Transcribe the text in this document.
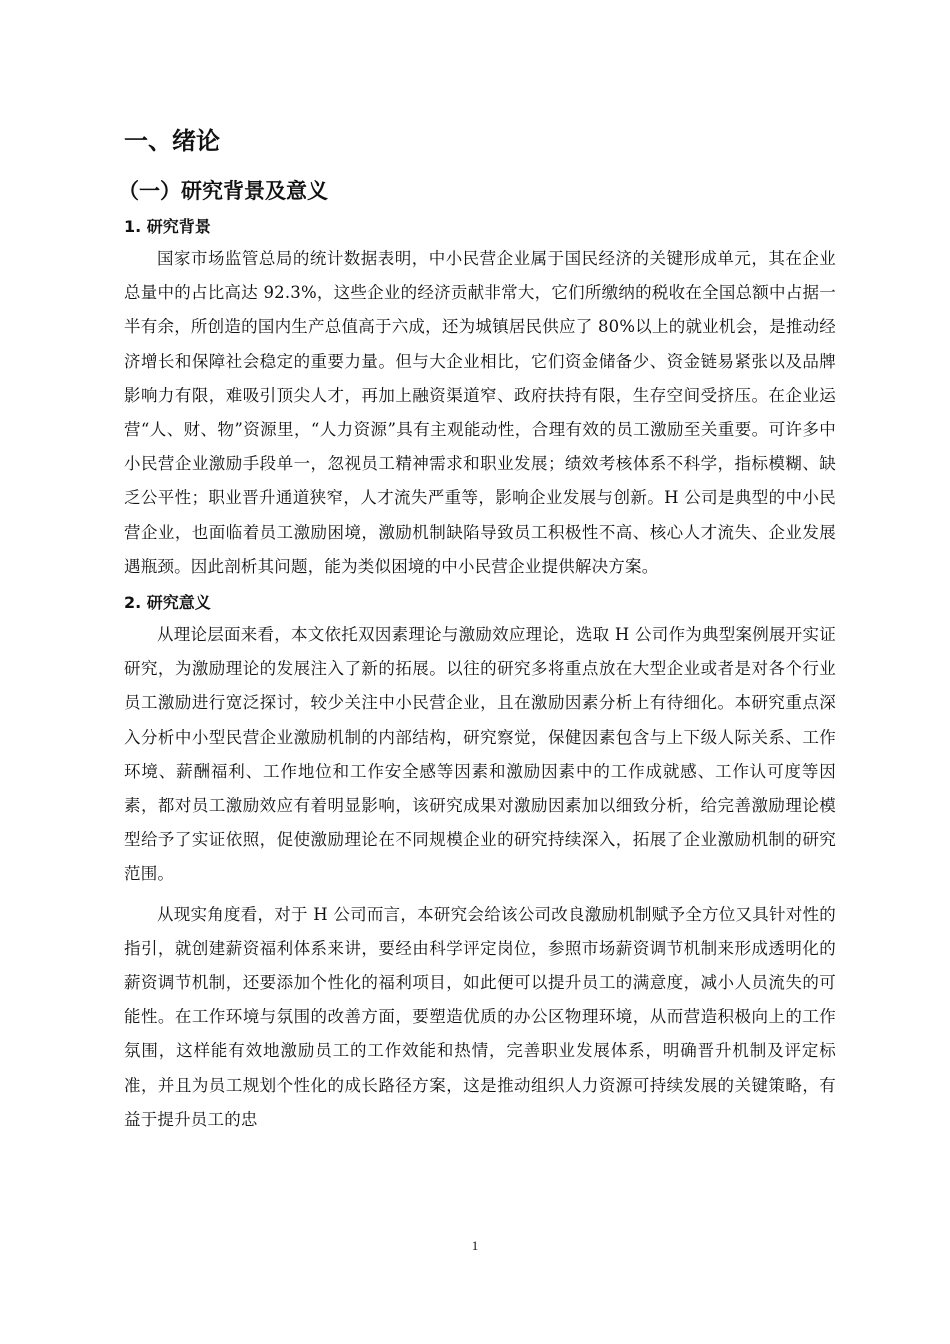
一、绪论
（一）研究背景及意义
1. 研究背景

国家市场监管总局的统计数据表明，中小民营企业属于国民经济的关键形成单元，其在企业总量中的占比高达 92.3%，这些企业的经济贡献非常大，它们所缴纳的税收在全国总额中占据一半有余，所创造的国内生产总值高于六成，还为城镇居民供应了 80%以上的就业机会，是推动经济增长和保障社会稳定的重要力量。但与大企业相比，它们资金储备少、资金链易紧张以及品牌影响力有限，难吸引顶尖人才，再加上融资渠道窄、政府扶持有限，生存空间受挤压。在企业运营“人、财、物”资源里，“人力资源”具有主观能动性，合理有效的员工激励至关重要。可许多中小民营企业激励手段单一，忽视员工精神需求和职业发展；绩效考核体系不科学，指标模糊、缺乏公平性；职业晋升通道狭窄，人才流失严重等，影响企业发展与创新。H 公司是典型的中小民营企业，也面临着员工激励困境，激励机制缺陷导致员工积极性不高、核心人才流失、企业发展遇瓶颈。因此剖析其问题，能为类似困境的中小民营企业提供解决方案。

2. 研究意义

从理论层面来看，本文依托双因素理论与激励效应理论，选取 H 公司作为典型案例展开实证研究，为激励理论的发展注入了新的拓展。以往的研究多将重点放在大型企业或者是对各个行业员工激励进行宽泛探讨，较少关注中小民营企业，且在激励因素分析上有待细化。本研究重点深入分析中小型民营企业激励机制的内部结构，研究察觉，保健因素包含与上下级人际关系、工作环境、薪酬福利、工作地位和工作安全感等因素和激励因素中的工作成就感、工作认可度等因素，都对员工激励效应有着明显影响，该研究成果对激励因素加以细致分析，给完善激励理论模型给予了实证依照，促使激励理论在不同规模企业的研究持续深入，拓展了企业激励机制的研究范围。

从现实角度看，对于 H 公司而言，本研究会给该公司改良激励机制赋予全方位又具针对性的指引，就创建薪资福利体系来讲，要经由科学评定岗位，参照市场薪资调节机制来形成透明化的薪资调节机制，还要添加个性化的福利项目，如此便可以提升员工的满意度，减小人员流失的可能性。在工作环境与氛围的改善方面，要塑造优质的办公区物理环境，从而营造积极向上的工作氛围，这样能有效地激励员工的工作效能和热情，完善职业发展体系，明确晋升机制及评定标准，并且为员工规划个性化的成长路径方案，这是推动组织人力资源可持续发展的关键策略，有益于提升员工的忠

1
